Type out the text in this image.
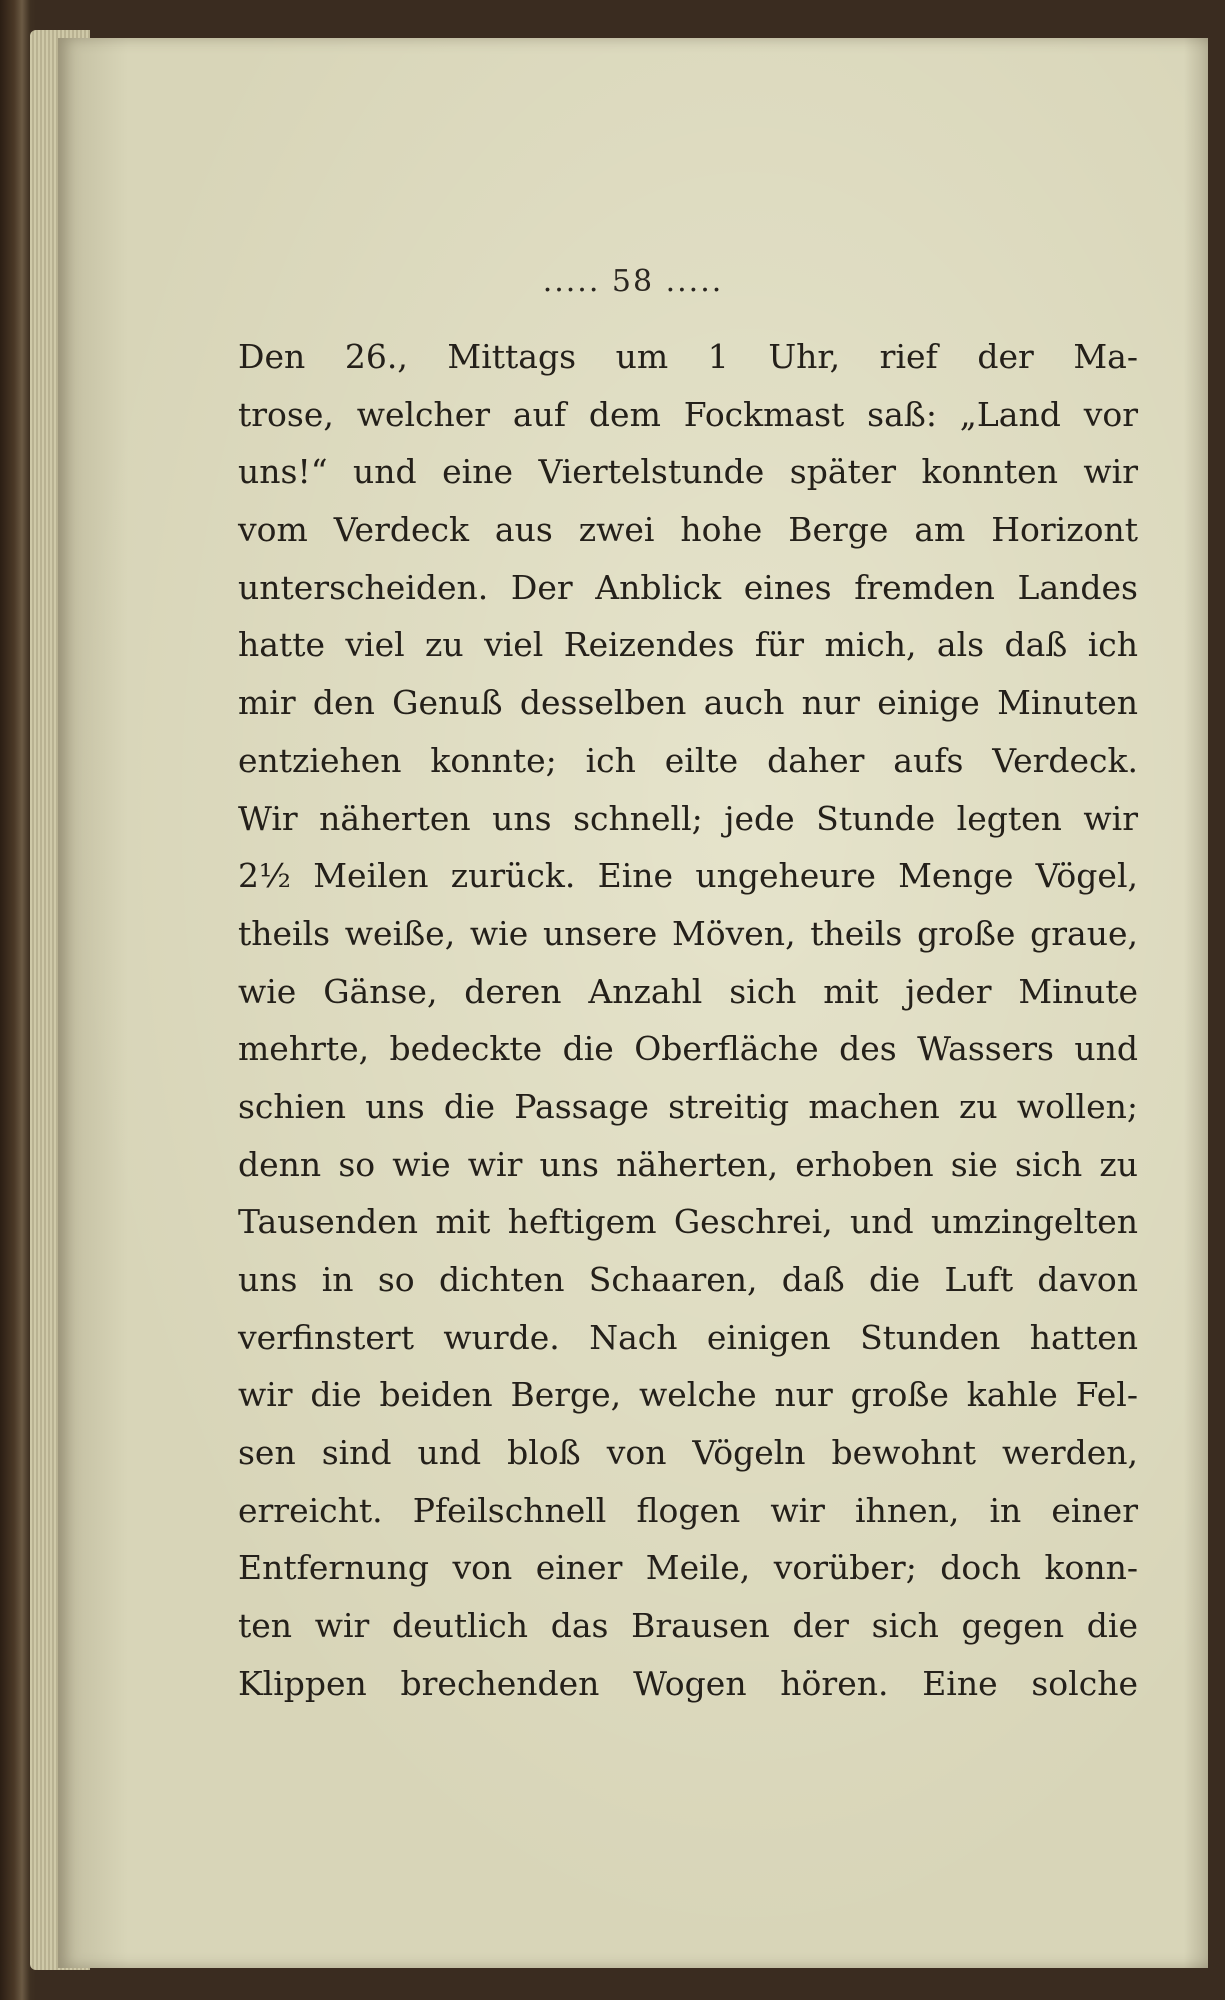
..... 58 .....
Den 26., Mittags um 1 Uhr, rief der Ma-
trose, welcher auf dem Fockmast saß: „Land vor
uns!“ und eine Viertelstunde später konnten wir
vom Verdeck aus zwei hohe Berge am Horizont
unterscheiden. Der Anblick eines fremden Landes
hatte viel zu viel Reizendes für mich, als daß ich
mir den Genuß desselben auch nur einige Minuten
entziehen konnte; ich eilte daher aufs Verdeck.
Wir näherten uns schnell; jede Stunde legten wir
2½ Meilen zurück. Eine ungeheure Menge Vögel,
theils weiße, wie unsere Möven, theils große graue,
wie Gänse, deren Anzahl sich mit jeder Minute
mehrte, bedeckte die Oberfläche des Wassers und
schien uns die Passage streitig machen zu wollen;
denn so wie wir uns näherten, erhoben sie sich zu
Tausenden mit heftigem Geschrei, und umzingelten
uns in so dichten Schaaren, daß die Luft davon
verfinstert wurde. Nach einigen Stunden hatten
wir die beiden Berge, welche nur große kahle Fel-
sen sind und bloß von Vögeln bewohnt werden,
erreicht. Pfeilschnell flogen wir ihnen, in einer
Entfernung von einer Meile, vorüber; doch konn-
ten wir deutlich das Brausen der sich gegen die
Klippen brechenden Wogen hören. Eine solche
